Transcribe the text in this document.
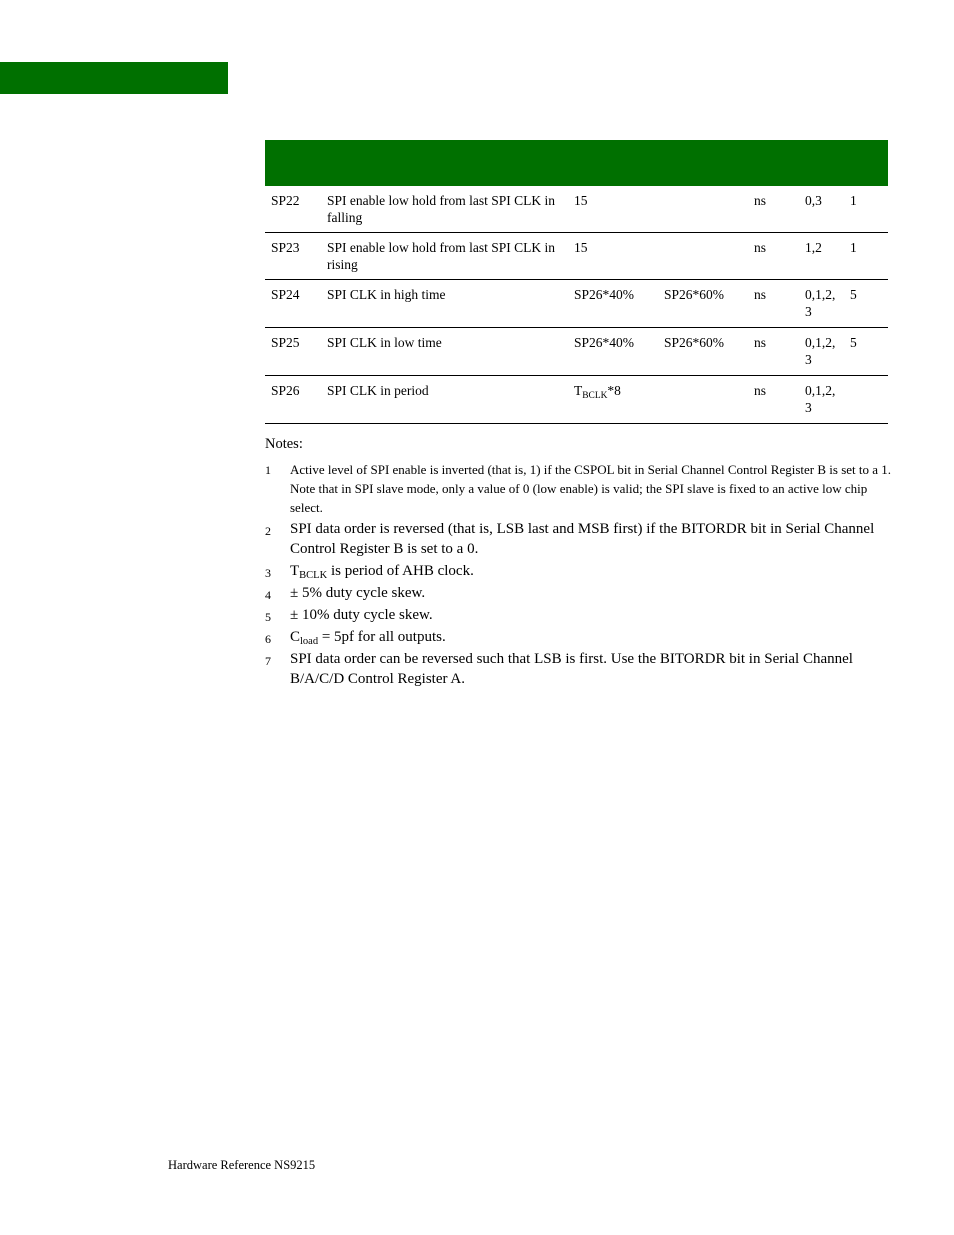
SP22	SPI enable low hold from last SPI CLK in falling	15		ns	0,3	1
SP23	SPI enable low hold from last SPI CLK in rising	15		ns	1,2	1
SP24	SPI CLK in high time	SP26*40%	SP26*60%	ns	0,1,2, 3	5
SP25	SPI CLK in low time	SP26*40%	SP26*60%	ns	0,1,2, 3	5
SP26	SPI CLK in period	$T_{BCLK}*8$		ns	0,1,2, 3	
Notes:
1 Active level of SPI enable is inverted (that is, 1) if the CSPOL bit in Serial Channel Control Register B is set to a 1. Note that in SPI slave mode, only a value of 0 (low enable) is valid; the SPI slave is fixed to an active low chip select.
2 SPI data order is reversed (that is, LSB last and MSB first) if the BITORDR bit in Serial Channel Control Register B is set to a 0.
3 $T_{BCLK}$ is period of AHB clock.
4 ± 5% duty cycle skew.
5 ± 10% duty cycle skew.
6 $C_{load} = 5pf$ for all outputs.
7 SPI data order can be reversed such that LSB is first. Use the BITORDR bit in Serial Channel B/A/C/D Control Register A.
Hardware Reference NS9215
